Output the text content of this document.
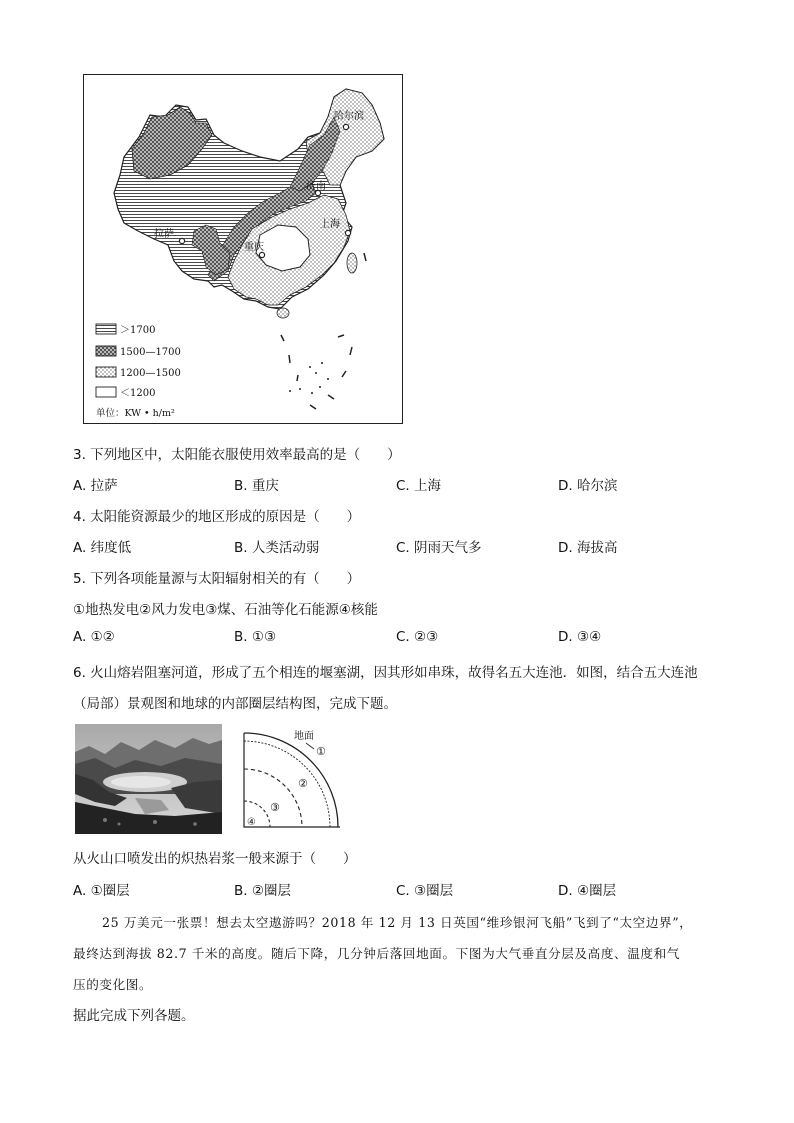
哈尔滨
济南
上海
拉萨
重庆
＞1700
1500—1700
1200—1500
＜1200
单位：KW • h/m²
3. 下列地区中，太阳能衣服使用效率最高的是（　　）
A. 拉萨	B. 重庆	C. 上海	D. 哈尔滨
4. 太阳能资源最少的地区形成的原因是（　　）
A. 纬度低	B. 人类活动弱	C. 阴雨天气多	D. 海拔高
5. 下列各项能量源与太阳辐射相关的有（　　）
①地热发电②风力发电③煤、石油等化石能源④核能
A. ①②	B. ①③	C. ②③	D. ③④
6. 火山熔岩阻塞河道，形成了五个相连的堰塞湖，因其形如串珠，故得名五大连池．如图，结合五大连池
（局部）景观图和地球的内部圈层结构图，完成下题。
地面
①
②
③
④
从火山口喷发出的炽热岩浆一般来源于（　　）
A. ①圈层	B. ②圈层	C. ③圈层	D. ④圈层
25 万美元一张票！想去太空遨游吗？2018 年 12 月 13 日英国“维珍银河飞船”飞到了“太空边界”，
最终达到海拔 82.7 千米的高度。随后下降，几分钟后落回地面。下图为大气垂直分层及高度、温度和气
压的变化图。
据此完成下列各题。
